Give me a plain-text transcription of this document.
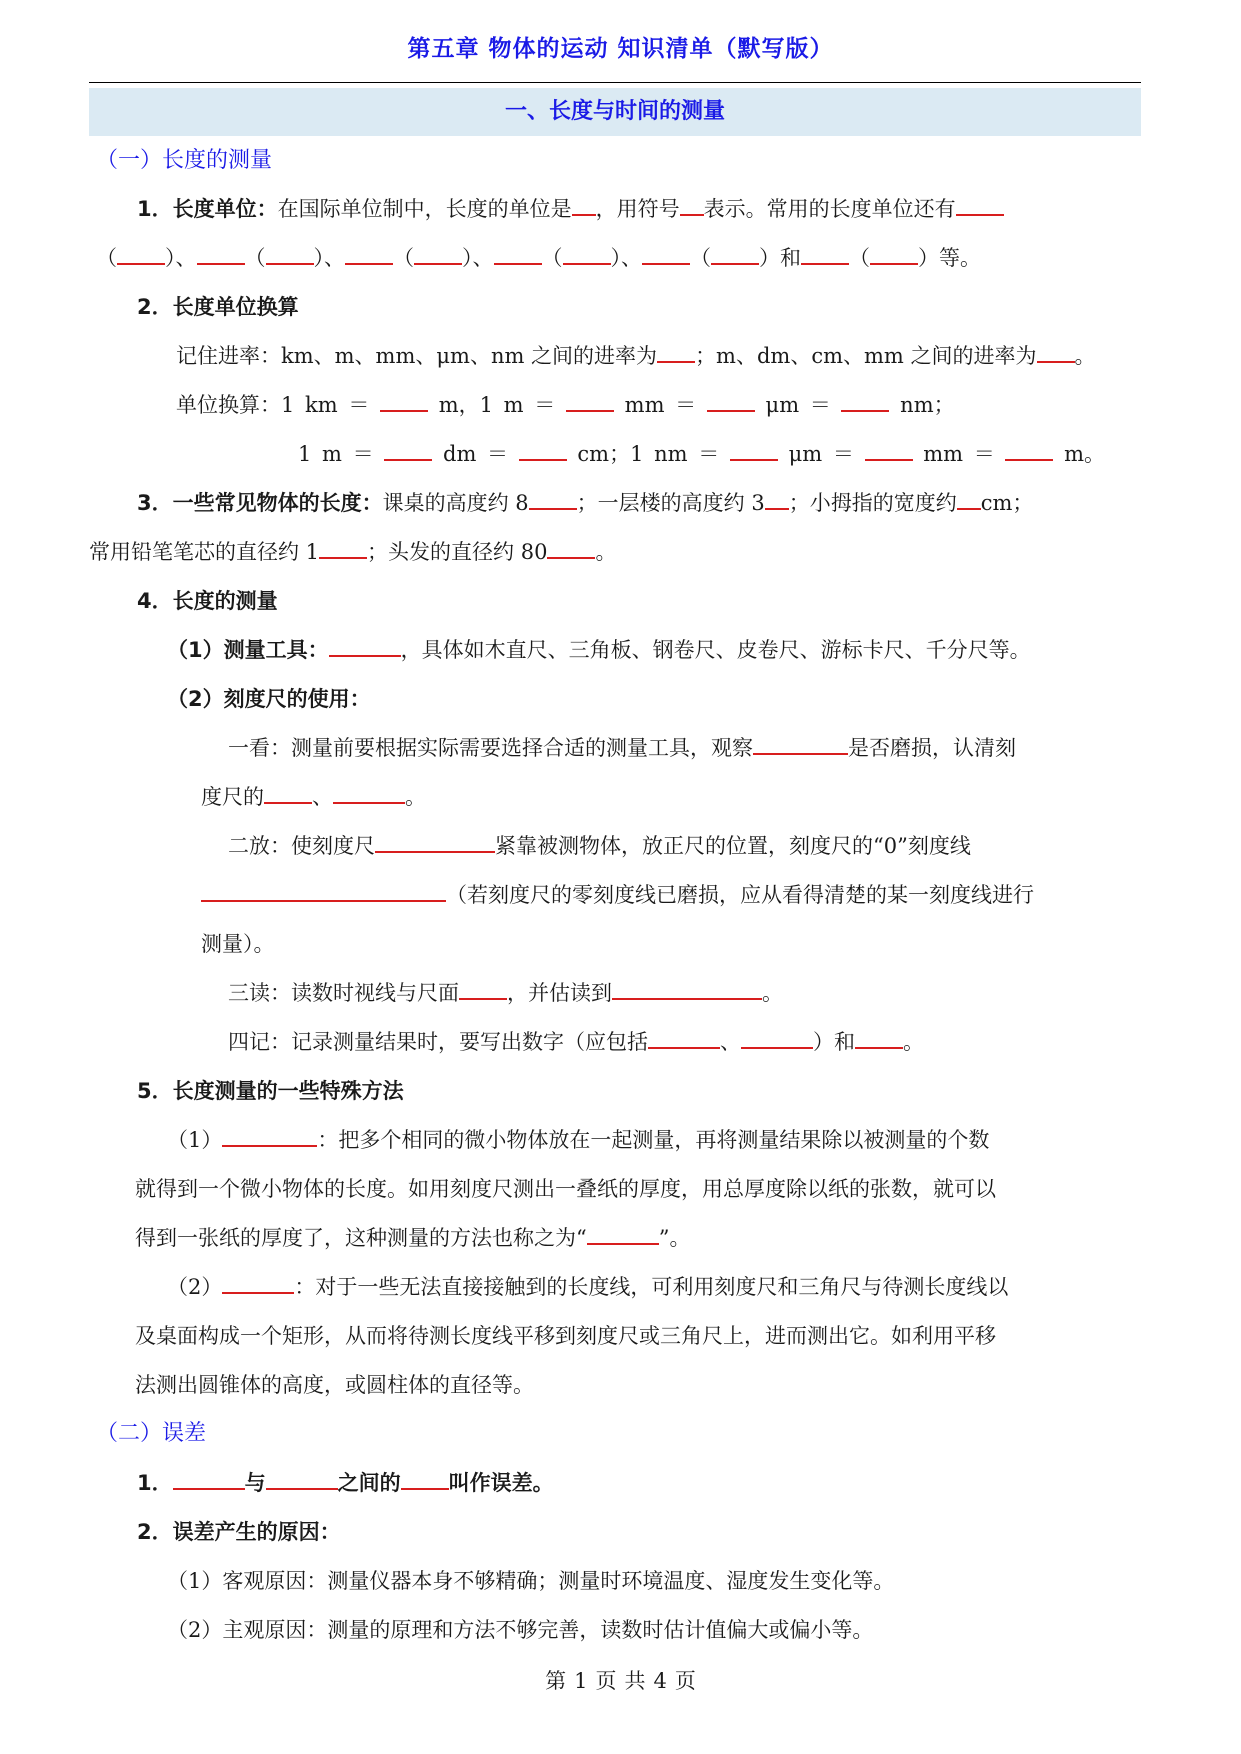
第五章 物体的运动 知识清单（默写版）
一、长度与时间的测量
（一）长度的测量
1．长度单位：在国际单位制中，长度的单位是 ，用符号 表示。常用的长度单位还有
（ ）、 （ ）、 （ ）、 （ ）、 （ ）和 （ ）等。
2．长度单位换算
记住进率：km、m、mm、μm、nm 之间的进率为 ；m、dm、cm、mm 之间的进率为 。
单位换算：1 km ＝	m，1 m ＝	mm ＝	μm ＝	nm；
1 m ＝	dm ＝	cm；1 nm ＝	μm ＝	mm ＝	m。
3．一些常见物体的长度：课桌的高度约 8 ；一层楼的高度约 3 ；小拇指的宽度约 cm；
常用铅笔笔芯的直径约 1 ；头发的直径约 80 。
4．长度的测量
（1）测量工具：	，具体如木直尺、三角板、钢卷尺、皮卷尺、游标卡尺、千分尺等。
（2）刻度尺的使用：
一看：测量前要根据实际需要选择合适的测量工具，观察	是否磨损，认清刻
度尺的 、	。
二放：使刻度尺	紧靠被测物体，放正尺的位置，刻度尺的“0”刻度线
（若刻度尺的零刻度线已磨损，应从看得清楚的某一刻度线进行
测量）。
三读：读数时视线与尺面 ，并估读到	。
四记：记录测量结果时，要写出数字（应包括	、	）和 。
5．长度测量的一些特殊方法
（1）	：把多个相同的微小物体放在一起测量，再将测量结果除以被测量的个数
就得到一个微小物体的长度。如用刻度尺测出一叠纸的厚度，用总厚度除以纸的张数，就可以
得到一张纸的厚度了，这种测量的方法也称之为“	”。
（2）	：对于一些无法直接接触到的长度线，可利用刻度尺和三角尺与待测长度线以
及桌面构成一个矩形，从而将待测长度线平移到刻度尺或三角尺上，进而测出它。如利用平移
法测出圆锥体的高度，或圆柱体的直径等。
（二）误差
1．	与	之间的 叫作误差。
2．误差产生的原因：
（1）客观原因：测量仪器本身不够精确；测量时环境温度、湿度发生变化等。
（2）主观原因：测量的原理和方法不够完善，读数时估计值偏大或偏小等。
第 1 页 共 4 页
